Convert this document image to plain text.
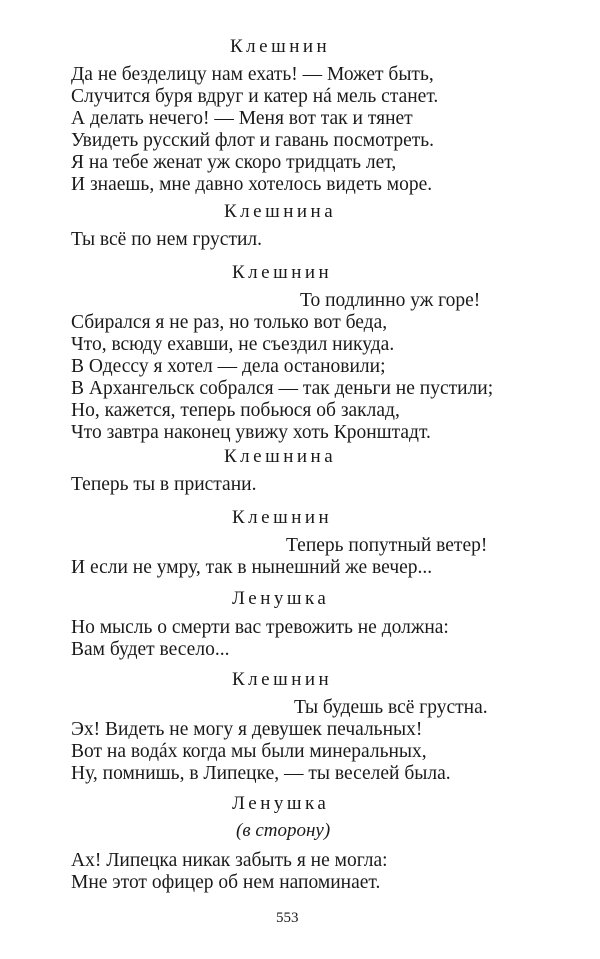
Клешнин
Да не безделицу нам ехать! — Может быть,
Случится буря вдруг и катер нá мель станет.
А делать нечего! — Меня вот так и тянет
Увидеть русский флот и гавань посмотреть.
Я на тебе женат уж скоро тридцать лет,
И знаешь, мне давно хотелось видеть море.
Клешнина
Ты всё по нем грустил.
Клешнин
То подлинно уж горе!
Сбирался я не раз, но только вот беда,
Что, всюду ехавши, не съездил никуда.
В Одессу я хотел — дела остановили;
В Архангельск собрался — так деньги не пустили;
Но, кажется, теперь побьюся об заклад,
Что завтра наконец увижу хоть Кронштадт.
Клешнина
Теперь ты в пристани.
Клешнин
Теперь попутный ветер!
И если не умру, так в нынешний же вечер...
Ленушка
Но мысль о смерти вас тревожить не должна:
Вам будет весело...
Клешнин
Ты будешь всё грустна.
Эх! Видеть не могу я девушек печальных!
Вот на водáх когда мы были минеральных,
Ну, помнишь, в Липецке, — ты веселей была.
Ленушка
(в сторону)
Ах! Липецка никак забыть я не могла:
Мне этот офицер об нем напоминает.
553
